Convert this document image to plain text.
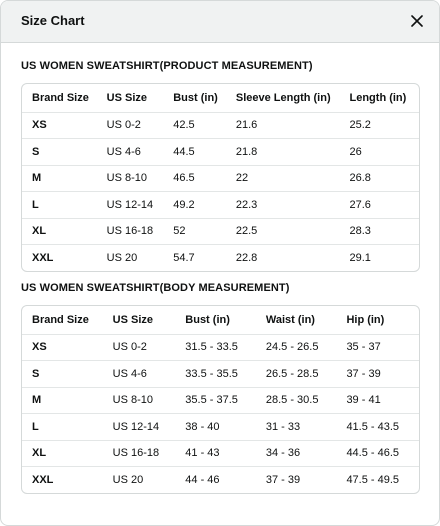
Size Chart
US WOMEN SWEATSHIRT(PRODUCT MEASUREMENT)
Brand Size	US Size	Bust (in)	Sleeve Length (in)	Length (in)
XS	US 0-2	42.5	21.6	25.2
S	US 4-6	44.5	21.8	26
M	US 8-10	46.5	22	26.8
L	US 12-14	49.2	22.3	27.6
XL	US 16-18	52	22.5	28.3
XXL	US 20	54.7	22.8	29.1
US WOMEN SWEATSHIRT(BODY MEASUREMENT)
Brand Size	US Size	Bust (in)	Waist (in)	Hip (in)
XS	US 0-2	31.5 - 33.5	24.5 - 26.5	35 - 37
S	US 4-6	33.5 - 35.5	26.5 - 28.5	37 - 39
M	US 8-10	35.5 - 37.5	28.5 - 30.5	39 - 41
L	US 12-14	38 - 40	31 - 33	41.5 - 43.5
XL	US 16-18	41 - 43	34 - 36	44.5 - 46.5
XXL	US 20	44 - 46	37 - 39	47.5 - 49.5
